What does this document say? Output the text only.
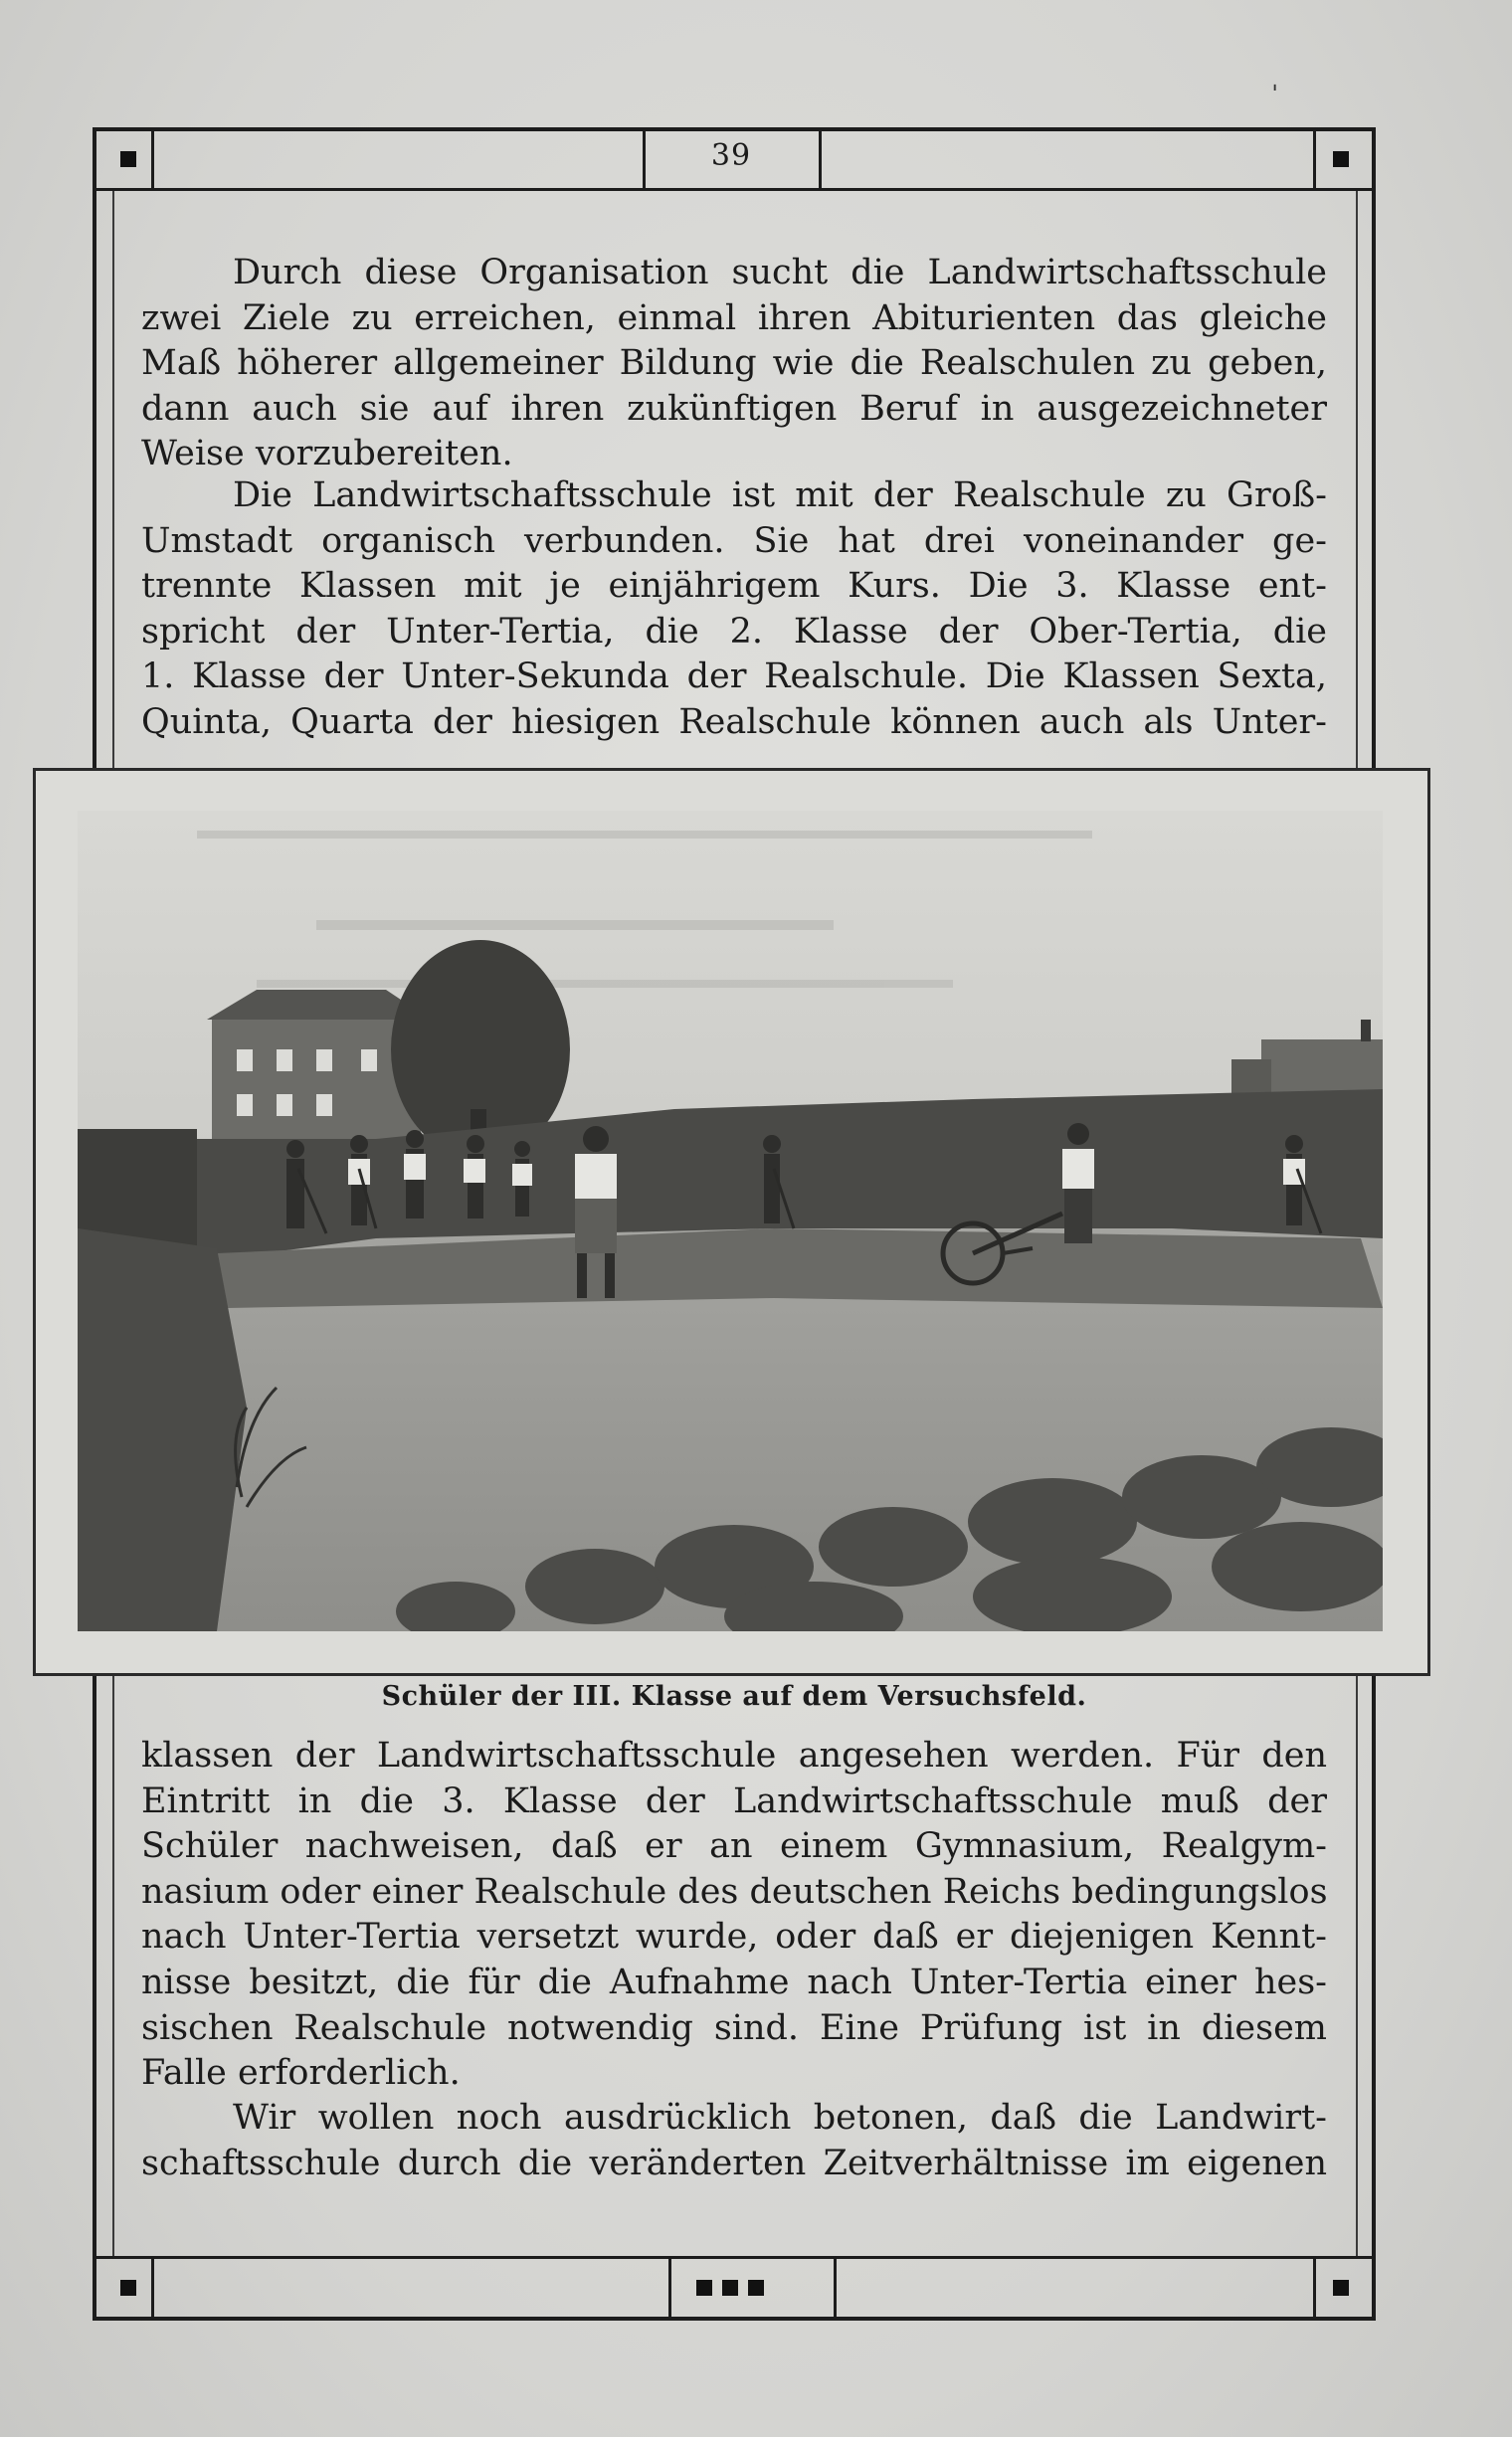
ˈ
39
Durch diese Organisation sucht die Landwirtschaftsschule
zwei Ziele zu erreichen, einmal ihren Abiturienten das gleiche
Maß höherer allgemeiner Bildung wie die Realschulen zu geben,
dann auch sie auf ihren zukünftigen Beruf in ausgezeichneter
Weise vorzubereiten.
Die Landwirtschaftsschule ist mit der Realschule zu Groß-
Umstadt organisch verbunden. Sie hat drei voneinander ge-
trennte Klassen mit je einjährigem Kurs. Die 3. Klasse ent-
spricht der Unter-Tertia, die 2. Klasse der Ober-Tertia, die
1. Klasse der Unter-Sekunda der Realschule. Die Klassen Sexta,
Quinta, Quarta der hiesigen Realschule können auch als Unter-
Schüler der III. Klasse auf dem Versuchsfeld.
klassen der Landwirtschaftsschule angesehen werden. Für den
Eintritt in die 3. Klasse der Landwirtschaftsschule muß der
Schüler nachweisen, daß er an einem Gymnasium, Realgym-
nasium oder einer Realschule des deutschen Reichs bedingungslos
nach Unter-Tertia versetzt wurde, oder daß er diejenigen Kennt-
nisse besitzt, die für die Aufnahme nach Unter-Tertia einer hes-
sischen Realschule notwendig sind. Eine Prüfung ist in diesem
Falle erforderlich.
Wir wollen noch ausdrücklich betonen, daß die Landwirt-
schaftsschule durch die veränderten Zeitverhältnisse im eigenen
